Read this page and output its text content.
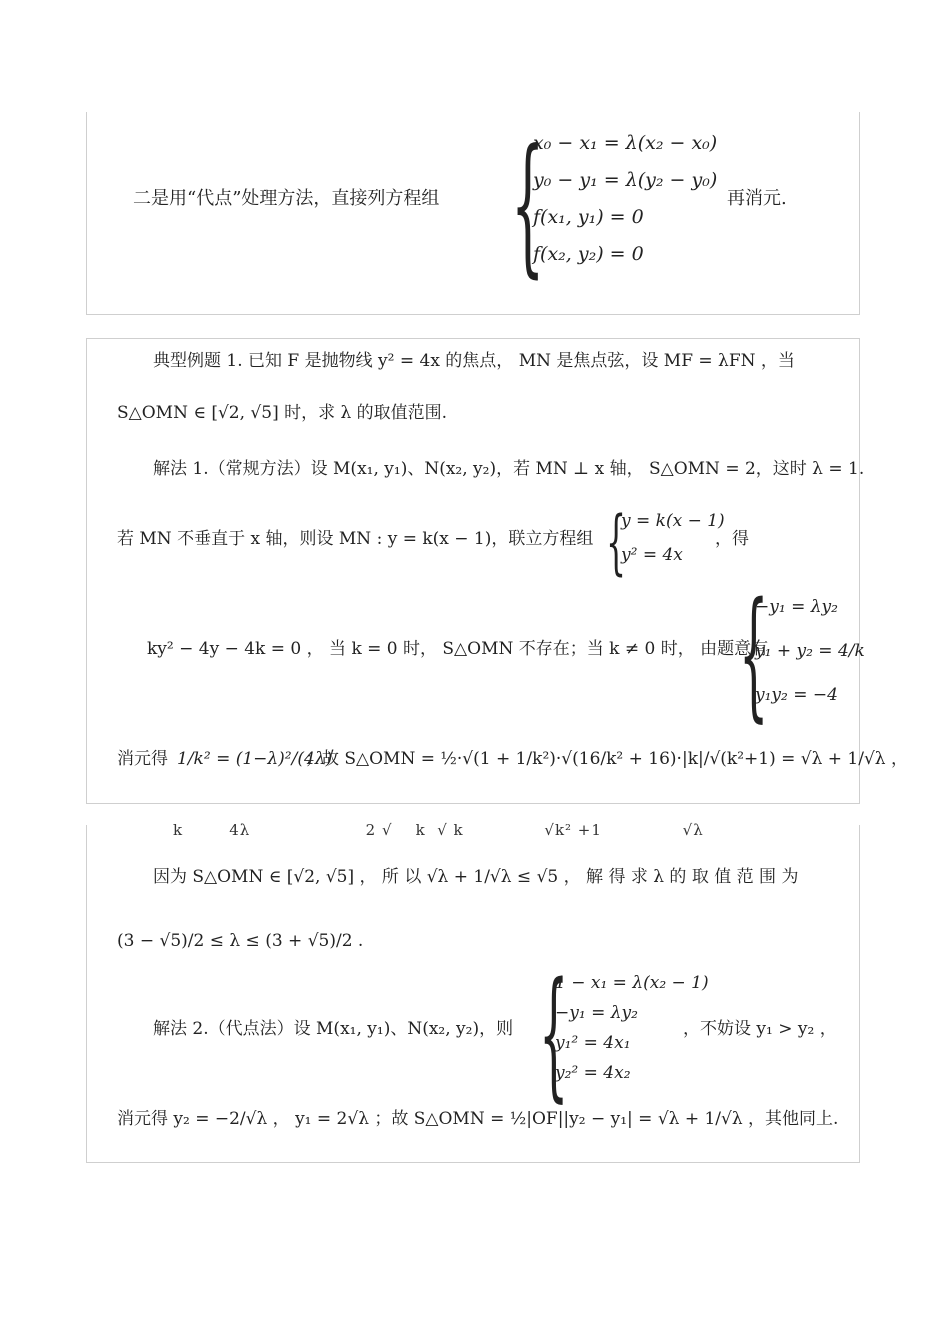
二是用“代点”处理方法，直接列方程组 {
x₀ − x₁ = λ(x₂ − x₀)
y₀ − y₁ = λ(y₂ − y₀)
f(x₁, y₁) = 0
f(x₂, y₂) = 0
再消元.
典型例题 1. 已知 F 是抛物线 y² = 4x 的焦点， MN 是焦点弦，设 MF = λFN ，当
S△OMN ∈ [√2, √5] 时，求 λ 的取值范围.
解法 1.（常规方法）设 M(x₁, y₁)、N(x₂, y₂)，若 MN ⊥ x 轴， S△OMN = 2，这时 λ = 1.
若 MN 不垂直于 x 轴，则设 MN : y = k(x − 1)，联立方程组 {
y = k(x − 1)
y² = 4x
，得
ky² − 4y − 4k = 0 ， 当 k = 0 时， S△OMN 不存在；当 k ≠ 0 时， 由题意有
{
−y₁ = λy₂
y₁ + y₂ = 4/k
y₁y₂ = −4
消元得 1/k² = (1−λ)²/(4λ)
；故 S△OMN = ½·√(1 + 1/k²)·√(16/k² + 16)·|k|/√(k²+1) = √λ + 1/√λ ，
k        4λ                    2 √    k  √ k              √k² +1              √λ
因为 S△OMN ∈ [√2, √5] ， 所 以 √λ + 1/√λ ≤ √5 ， 解 得 求 λ 的 取 值 范 围 为
(3 − √5)/2 ≤ λ ≤ (3 + √5)/2 .
解法 2.（代点法）设 M(x₁, y₁)、N(x₂, y₂)，则 {
1 − x₁ = λ(x₂ − 1)
−y₁ = λy₂
y₁² = 4x₁
y₂² = 4x₂
，不妨设 y₁ > y₂ ，
消元得 y₂ = −2/√λ ， y₁ = 2√λ ；故 S△OMN = ½|OF||y₂ − y₁| = √λ + 1/√λ ，其他同上.
